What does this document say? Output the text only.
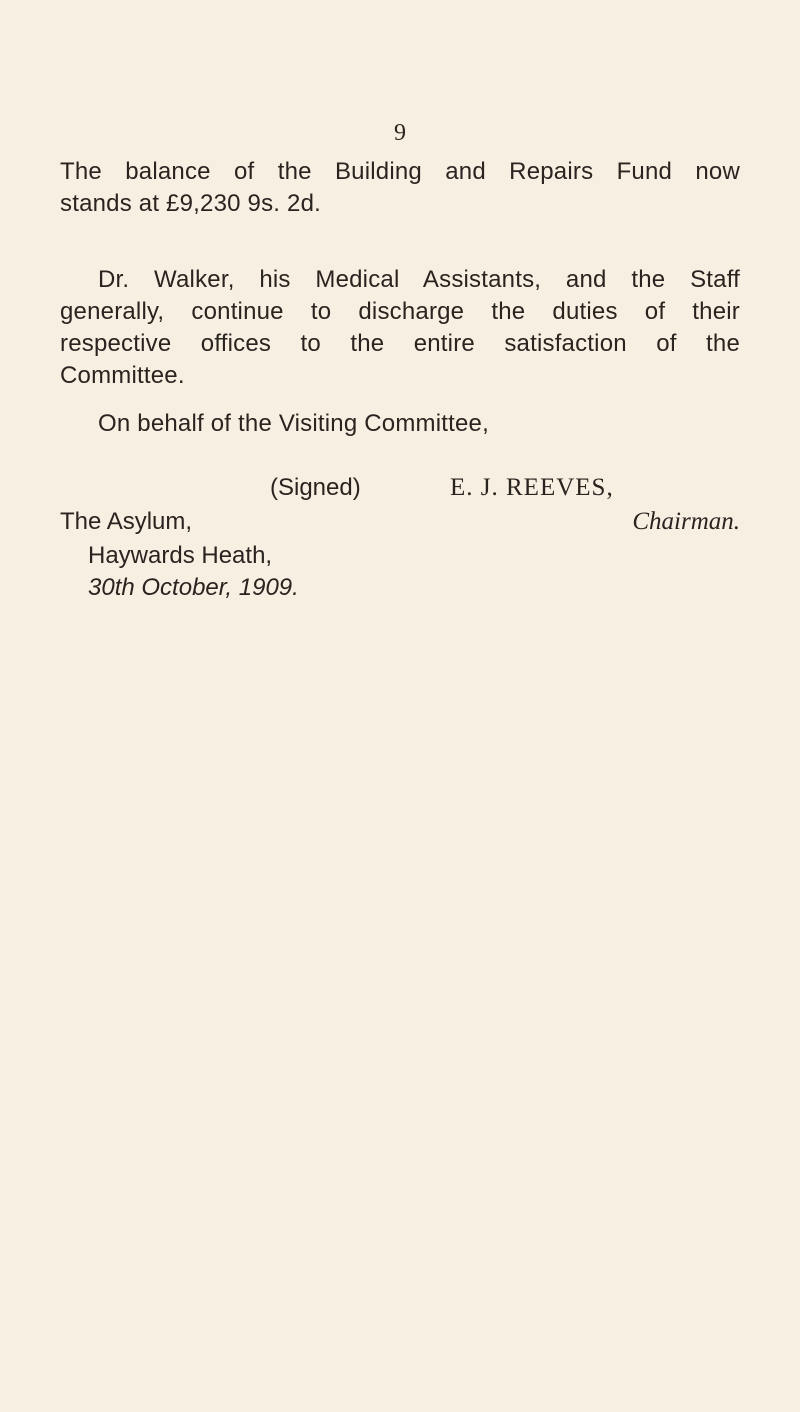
9
The balance of the Building and Repairs Fund now
stands at £9,230 9s. 2d.
Dr. Walker, his Medical Assistants, and the Staff
generally, continue to discharge the duties of their
respective offices to the entire satisfaction of the
Committee.
On behalf of the Visiting Committee,
(Signed)	E. J. REEVES,
The Asylum,	Chairman.
Haywards Heath,
30th October, 1909.
